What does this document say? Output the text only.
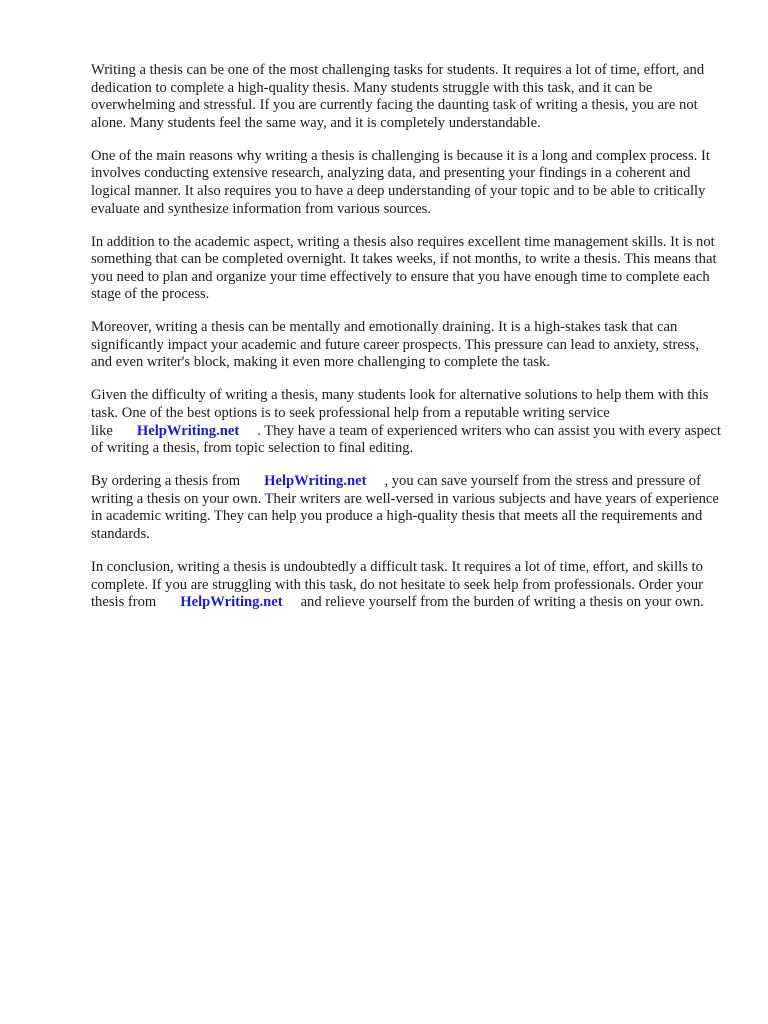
Writing a thesis can be one of the most challenging tasks for students. It requires a lot of time, effort, and dedication to complete a high-quality thesis. Many students struggle with this task, and it can be overwhelming and stressful. If you are currently facing the daunting task of writing a thesis, you are not alone. Many students feel the same way, and it is completely understandable.

One of the main reasons why writing a thesis is challenging is because it is a long and complex process. It involves conducting extensive research, analyzing data, and presenting your findings in a coherent and logical manner. It also requires you to have a deep understanding of your topic and to be able to critically evaluate and synthesize information from various sources.

In addition to the academic aspect, writing a thesis also requires excellent time management skills. It is not something that can be completed overnight. It takes weeks, if not months, to write a thesis. This means that you need to plan and organize your time effectively to ensure that you have enough time to complete each stage of the process.

Moreover, writing a thesis can be mentally and emotionally draining. It is a high-stakes task that can significantly impact your academic and future career prospects. This pressure can lead to anxiety, stress, and even writer's block, making it even more challenging to complete the task.

Given the difficulty of writing a thesis, many students look for alternative solutions to help them with this task. One of the best options is to seek professional help from a reputable writing service like HelpWriting.net . They have a team of experienced writers who can assist you with every aspect of writing a thesis, from topic selection to final editing.

By ordering a thesis from HelpWriting.net , you can save yourself from the stress and pressure of writing a thesis on your own. Their writers are well-versed in various subjects and have years of experience in academic writing. They can help you produce a high-quality thesis that meets all the requirements and standards.

In conclusion, writing a thesis is undoubtedly a difficult task. It requires a lot of time, effort, and skills to complete. If you are struggling with this task, do not hesitate to seek help from professionals. Order your thesis from HelpWriting.net and relieve yourself from the burden of writing a thesis on your own.
